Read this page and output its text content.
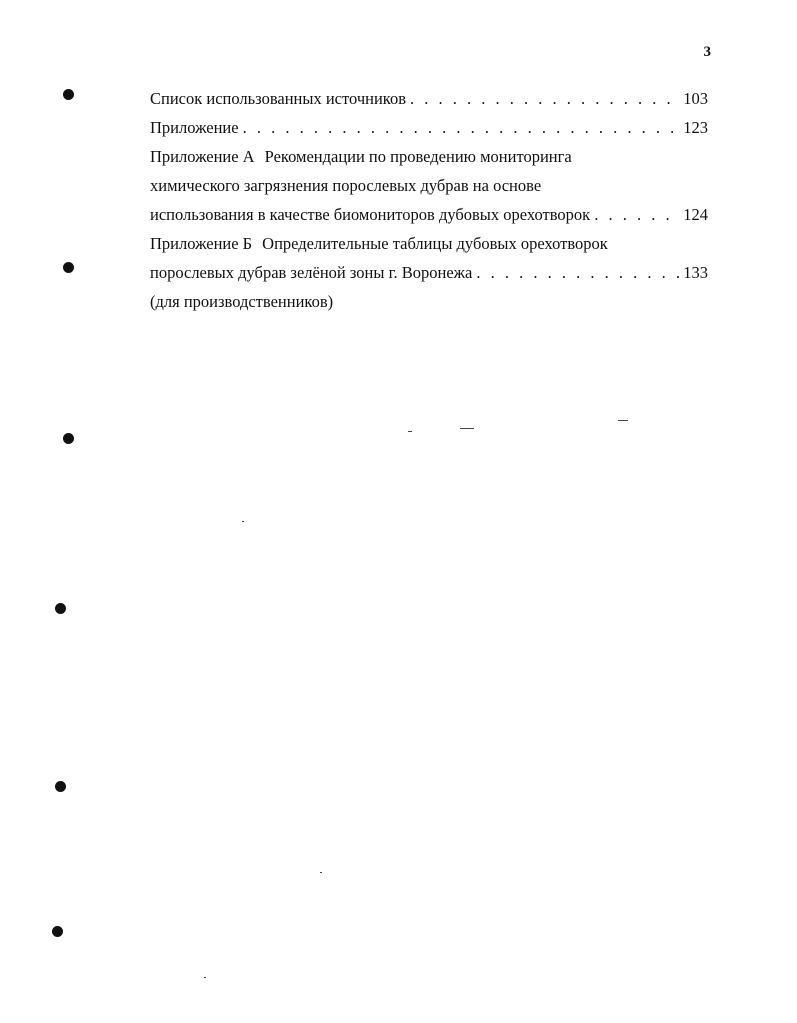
3
Список использованных источников . . .	103
Приложение . . .	123
Приложение А Рекомендации по проведению мониторинга
химического загрязнения порослевых дубрав на основе
использования в качестве биомониторов дубовых орехотворок . . .	124
Приложение Б Определительные таблицы дубовых орехотворок
порослевых дубрав зелёной зоны г. Воронежа . . .	133
(для производственников)
